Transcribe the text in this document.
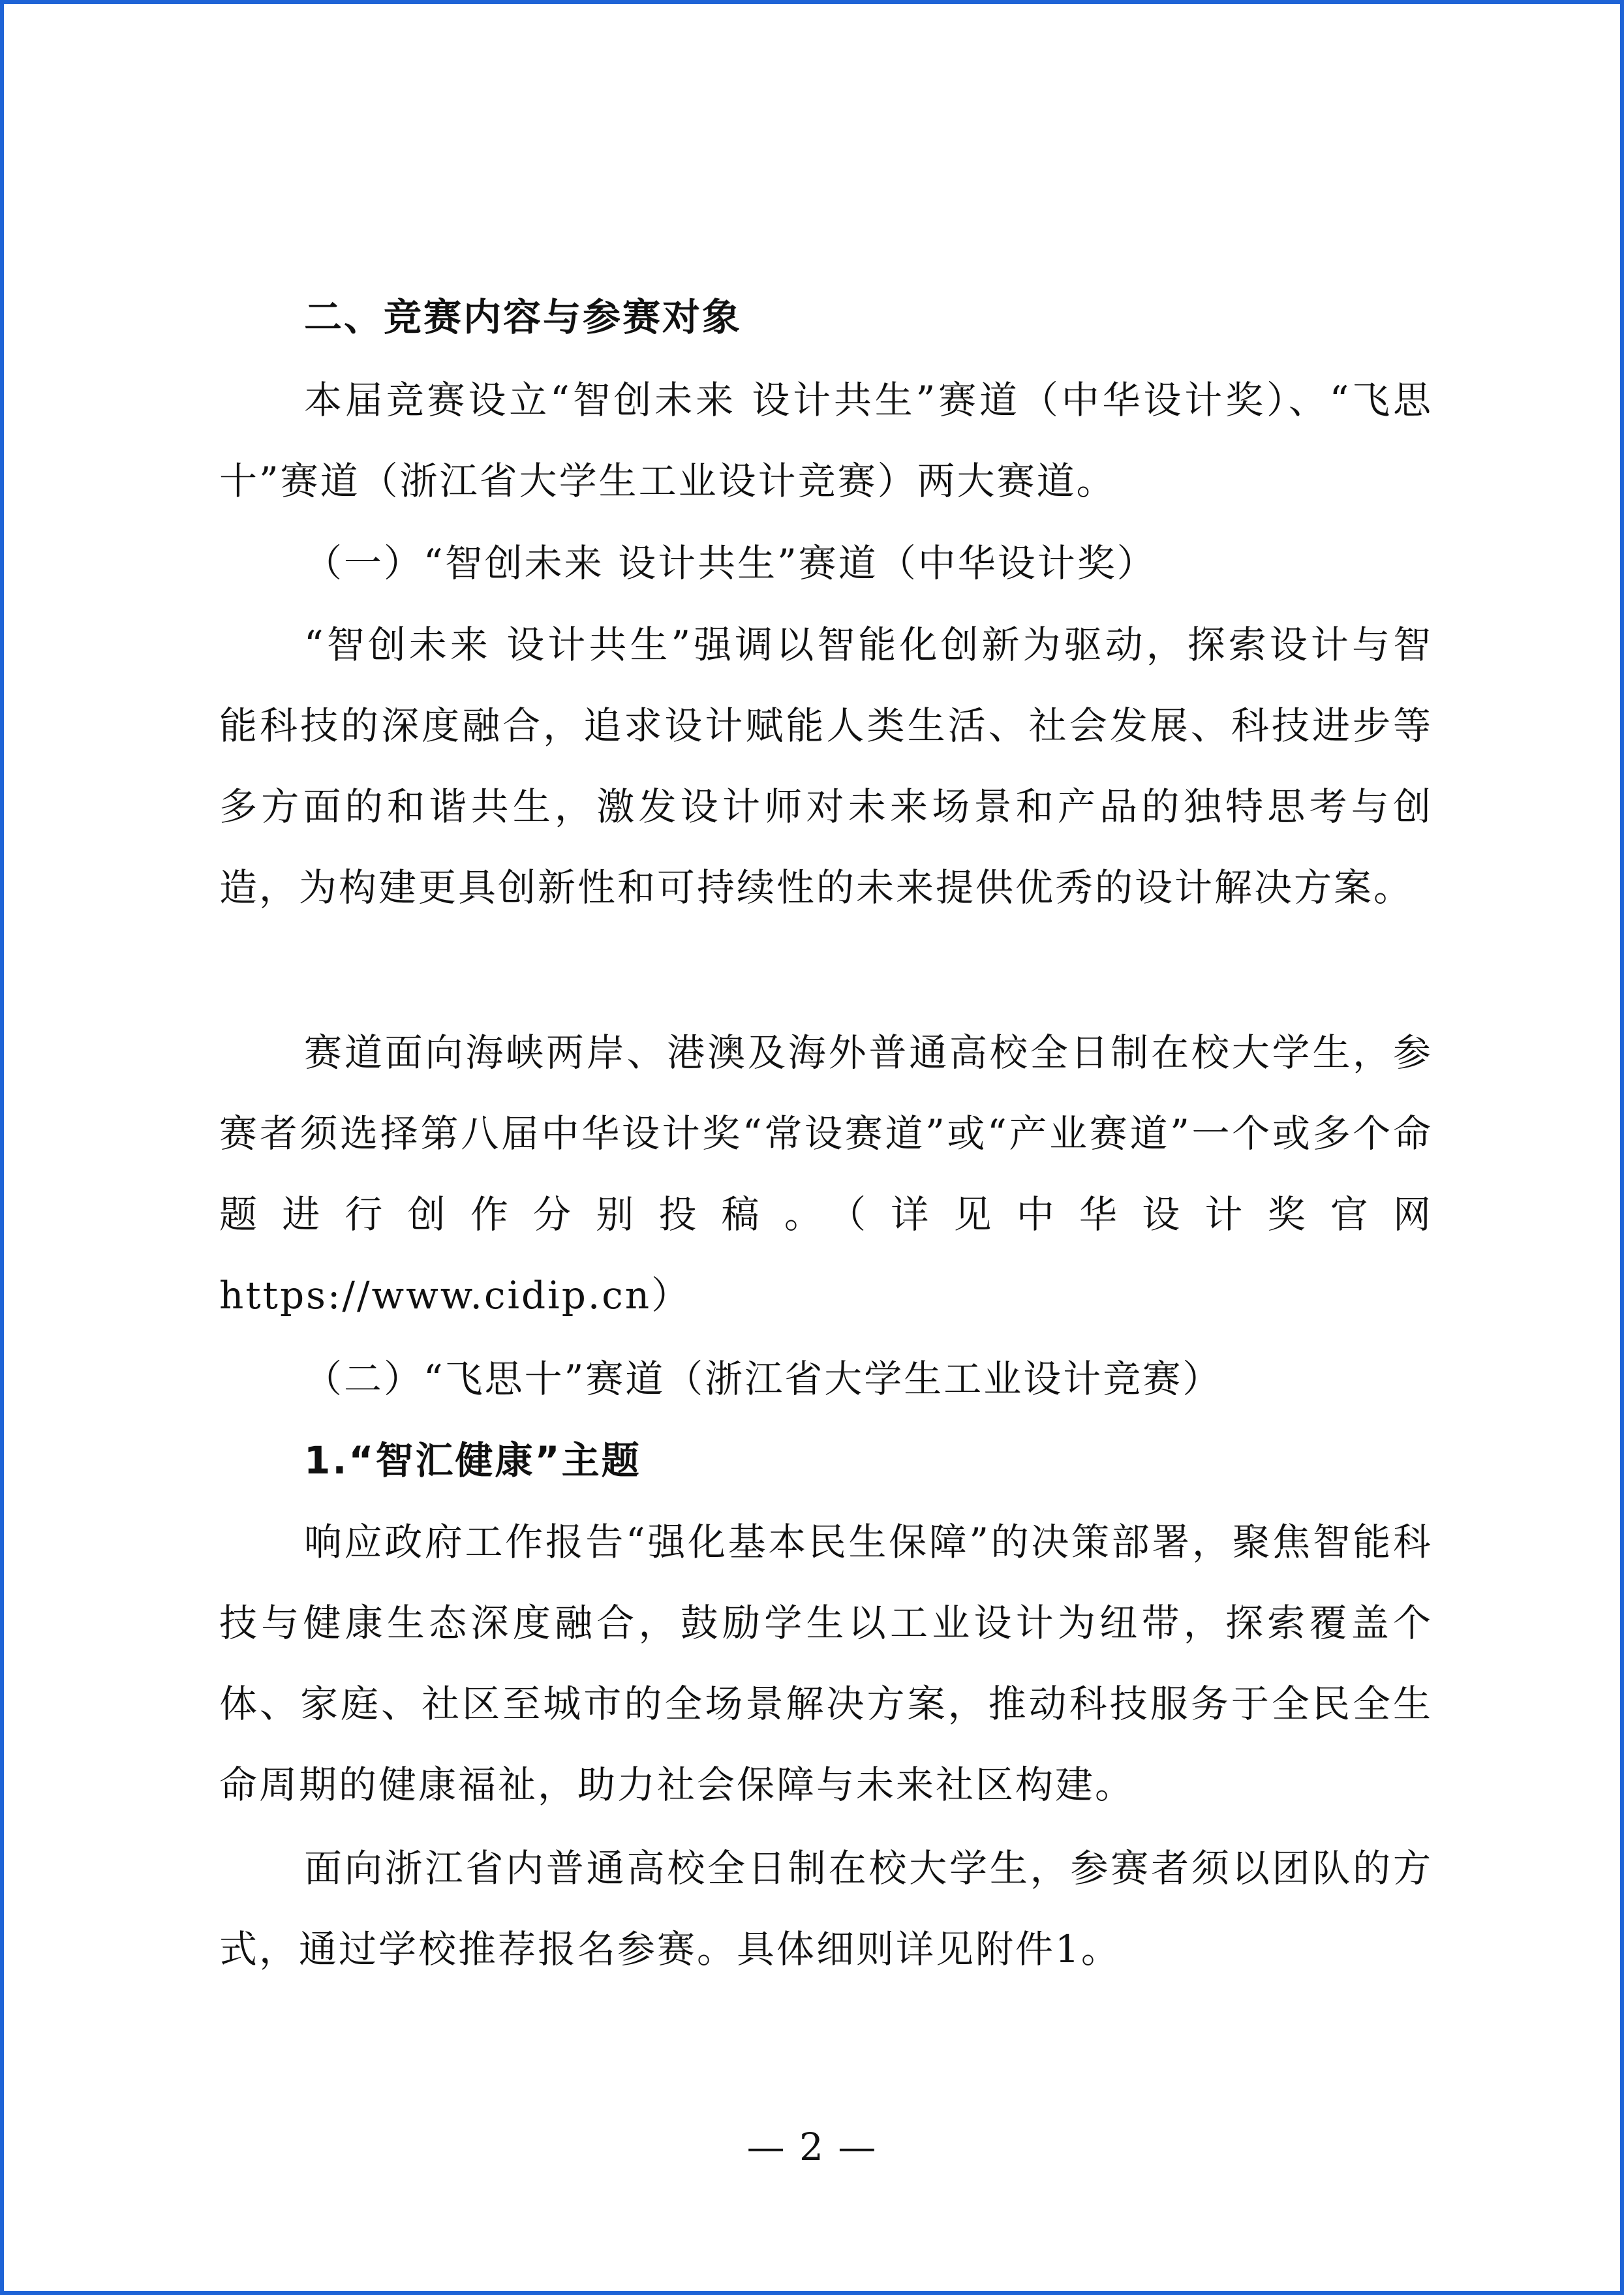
二、竞赛内容与参赛对象

本届竞赛设立“智创未来 设计共生”赛道（中华设计奖）、“飞思十”赛道（浙江省大学生工业设计竞赛）两大赛道。

（一）“智创未来 设计共生”赛道（中华设计奖）

“智创未来 设计共生”强调以智能化创新为驱动，探索设计与智能科技的深度融合，追求设计赋能人类生活、社会发展、科技进步等多方面的和谐共生，激发设计师对未来场景和产品的独特思考与创造，为构建更具创新性和可持续性的未来提供优秀的设计解决方案。

赛道面向海峡两岸、港澳及海外普通高校全日制在校大学生，参赛者须选择第八届中华设计奖“常设赛道”或“产业赛道”一个或多个命题进行创作分别投稿。（详见中华设计奖官网https://www.cidip.cn）

（二）“飞思十”赛道（浙江省大学生工业设计竞赛）

1.“智汇健康”主题

响应政府工作报告“强化基本民生保障”的决策部署，聚焦智能科技与健康生态深度融合，鼓励学生以工业设计为纽带，探索覆盖个体、家庭、社区至城市的全场景解决方案，推动科技服务于全民全生命周期的健康福祉，助力社会保障与未来社区构建。

面向浙江省内普通高校全日制在校大学生，参赛者须以团队的方式，通过学校推荐报名参赛。具体细则详见附件1。

— 2 —
